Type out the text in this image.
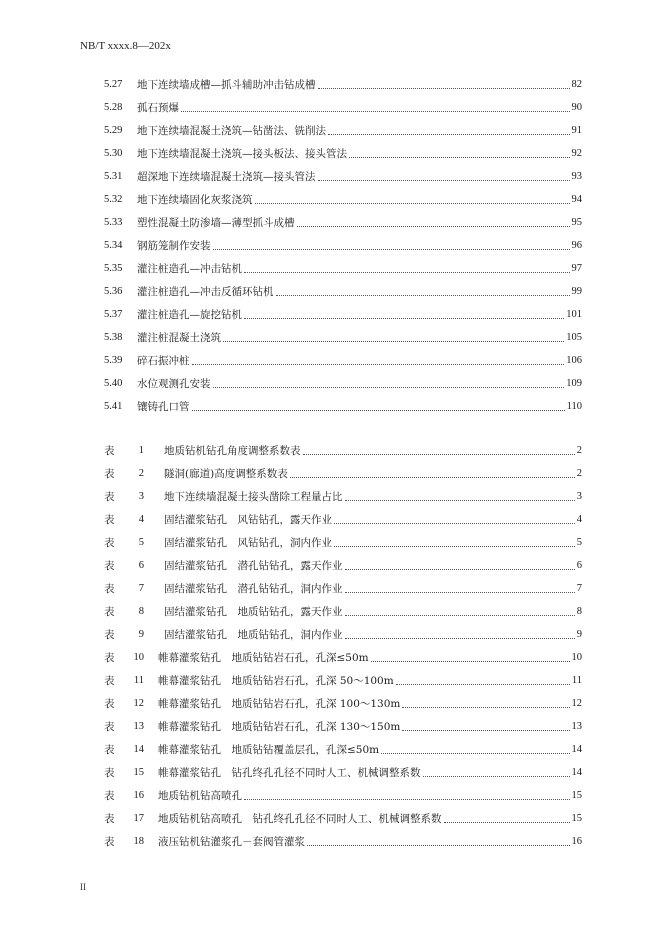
NB/T xxxx.8—202x
5.27	地下连续墙成槽—抓斗辅助冲击钻成槽	82
5.28	孤石预爆	90
5.29	地下连续墙混凝土浇筑—钻凿法、铣削法	91
5.30	地下连续墙混凝土浇筑—接头板法、接头管法	92
5.31	超深地下连续墙混凝土浇筑—接头管法	93
5.32	地下连续墙固化灰浆浇筑	94
5.33	塑性混凝土防渗墙—薄型抓斗成槽	95
5.34	钢筋笼制作安装	96
5.35	灌注桩造孔—冲击钻机	97
5.36	灌注桩造孔—冲击反循环钻机	99
5.37	灌注桩造孔—旋挖钻机	101
5.38	灌注桩混凝土浇筑	105
5.39	碎石振冲桩	106
5.40	水位观测孔安装	109
5.41	镶铸孔口管	110
表	1 地质钻机钻孔角度调整系数表	2
表	2 隧洞(廊道)高度调整系数表	2
表	3 地下连续墙混凝土接头凿除工程量占比	3
表	4 固结灌浆钻孔　风钻钻孔，露天作业	4
表	5 固结灌浆钻孔　风钻钻孔，洞内作业	5
表	6 固结灌浆钻孔　潜孔钻钻孔，露天作业	6
表	7 固结灌浆钻孔　潜孔钻钻孔，洞内作业	7
表	8 固结灌浆钻孔　地质钻钻孔，露天作业	8
表	9 固结灌浆钻孔　地质钻钻孔，洞内作业	9
表	10 帷幕灌浆钻孔　地质钻钻岩石孔，孔深≤50m	10
表	11 帷幕灌浆钻孔　地质钻钻岩石孔，孔深 50～100m	11
表	12 帷幕灌浆钻孔　地质钻钻岩石孔，孔深 100～130m	12
表	13 帷幕灌浆钻孔　地质钻钻岩石孔，孔深 130～150m	13
表	14 帷幕灌浆钻孔　地质钻钻覆盖层孔，孔深≤50m	14
表	15 帷幕灌浆钻孔　钻孔终孔孔径不同时人工、机械调整系数	14
表	16 地质钻机钻高喷孔	15
表	17 地质钻机钻高喷孔　钻孔终孔孔径不同时人工、机械调整系数	15
表	18 液压钻机钻灌浆孔－套阀管灌浆	16
II
